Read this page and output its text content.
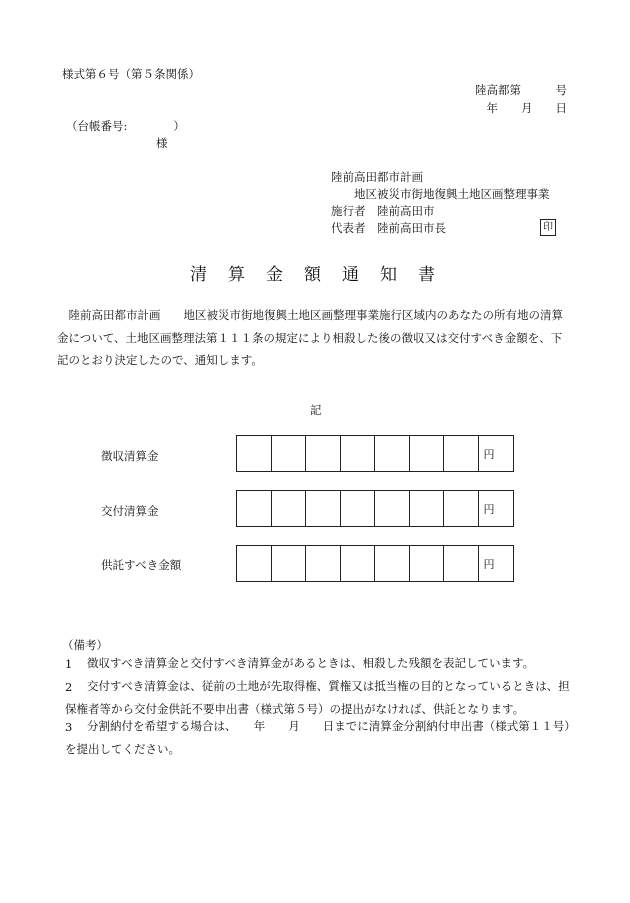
様式第６号（第５条関係）
陸高都第　　　号
年　　月　　日
（台帳番号:　　　　）
様
陸前高田都市計画
地区被災市街地復興土地区画整理事業
施行者　陸前高田市
代表者　陸前高田市長	印
清算金額通知書
陸前高田都市計画　　地区被災市街地復興土地区画整理事業施行区域内のあなたの所有地の清算金について、土地区画整理法第１１１条の規定により相殺した後の徴収又は交付すべき金額を、下記のとおり決定したので、通知します。
記
徴収清算金	円
交付清算金	円
供託すべき金額	円
（備考）
1 徴収すべき清算金と交付すべき清算金があるときは、相殺した残額を表記しています。
2	交付すべき清算金は、従前の土地が先取得権、質権又は抵当権の目的となっているときは、担保権者等から交付金供託不要申出書（様式第５号）の提出がなければ、供託となります。
3	分割納付を希望する場合は、　　年　　月　　日までに清算金分割納付申出書（様式第１１号）を提出してください。
